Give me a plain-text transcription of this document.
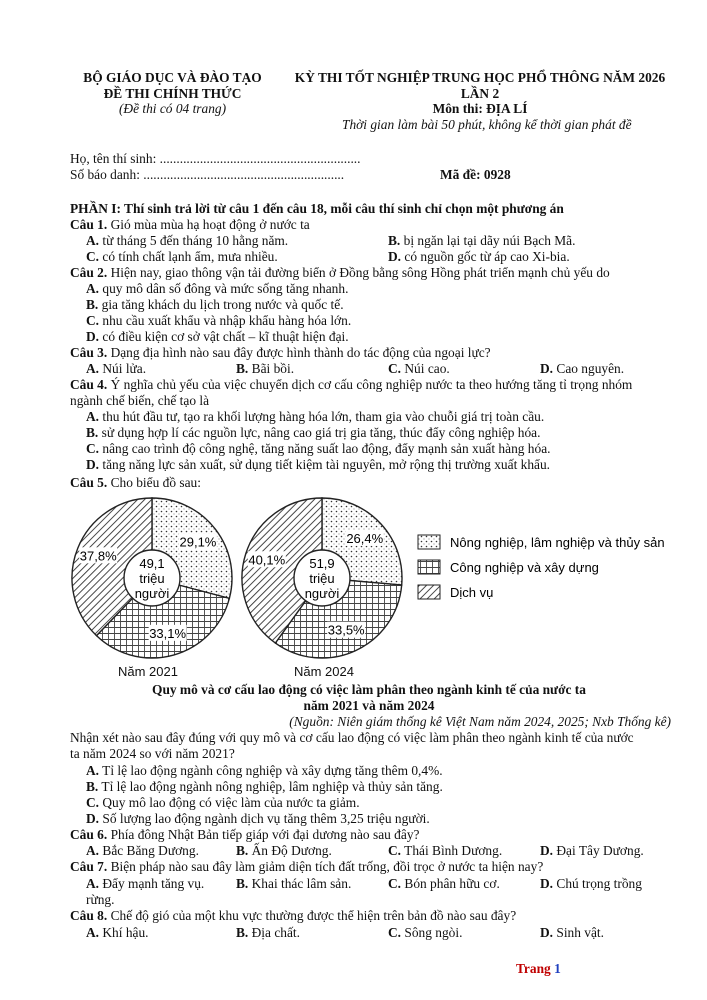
BỘ GIÁO DỤC VÀ ĐÀO TẠO
ĐỀ THI CHÍNH THỨC
(Đề thi có 04 trang)
KỲ THI TỐT NGHIỆP TRUNG HỌC PHỔ THÔNG NĂM 2026
LẦN 2
Môn thi: ĐỊA LÍ
Thời gian làm bài 50 phút, không kể thời gian phát đề
Họ, tên thí sinh: ............................................................
Số báo danh: ............................................................	Mã đề: 0928
PHẦN I: Thí sinh trả lời từ câu 1 đến câu 18, mỗi câu thí sinh chỉ chọn một phương án
Câu 1. Gió mùa mùa hạ hoạt động ở nước ta
A. từ tháng 5 đến tháng 10 hằng năm.	B. bị ngăn lại tại dãy núi Bạch Mã.
C. có tính chất lạnh ẩm, mưa nhiều.	D. có nguồn gốc từ áp cao Xi-bia.
Câu 2. Hiện nay, giao thông vận tải đường biển ở Đồng bằng sông Hồng phát triển mạnh chủ yếu do
A. quy mô dân số đông và mức sống tăng nhanh.
B. gia tăng khách du lịch trong nước và quốc tế.
C. nhu cầu xuất khẩu và nhập khẩu hàng hóa lớn.
D. có điều kiện cơ sở vật chất – kĩ thuật hiện đại.
Câu 3. Dạng địa hình nào sau đây được hình thành do tác động của ngoại lực?
A. Núi lửa.	B. Bãi bồi.	C. Núi cao.	D. Cao nguyên.
Câu 4. Ý nghĩa chủ yếu của việc chuyển dịch cơ cấu công nghiệp nước ta theo hướng tăng tỉ trọng nhóm
ngành chế biến, chế tạo là
A. thu hút đầu tư, tạo ra khối lượng hàng hóa lớn, tham gia vào chuỗi giá trị toàn cầu.
B. sử dụng hợp lí các nguồn lực, nâng cao giá trị gia tăng, thúc đẩy công nghiệp hóa.
C. nâng cao trình độ công nghệ, tăng năng suất lao động, đẩy mạnh sản xuất hàng hóa.
D. tăng năng lực sản xuất, sử dụng tiết kiệm tài nguyên, mở rộng thị trường xuất khẩu.
Câu 5. Cho biểu đồ sau:
29,1%
33,1%
37,8%
49,1
triệu
người
26,4%
33,5%
40,1% 51,9
triệu
người
Nông nghiệp, lâm nghiệp và thủy sản
Công nghiệp và xây dựng
Dịch vụ
Năm 2021	Năm 2024
Quy mô và cơ cấu lao động có việc làm phân theo ngành kinh tế của nước ta
năm 2021 và năm 2024
(Nguồn: Niên giám thống kê Việt Nam năm 2024, 2025; Nxb Thống kê)
Nhận xét nào sau đây đúng với quy mô và cơ cấu lao động có việc làm phân theo ngành kinh tế của nước
ta năm 2024 so với năm 2021?
A. Tỉ lệ lao động ngành công nghiệp và xây dựng tăng thêm 0,4%.
B. Tỉ lệ lao động ngành nông nghiệp, lâm nghiệp và thủy sản tăng.
C. Quy mô lao động có việc làm của nước ta giảm.
D. Số lượng lao động ngành dịch vụ tăng thêm 3,25 triệu người.
Câu 6. Phía đông Nhật Bản tiếp giáp với đại dương nào sau đây?
A. Bắc Băng Dương.	B. Ấn Độ Dương.	C. Thái Bình Dương.	D. Đại Tây Dương.
Câu 7. Biện pháp nào sau đây làm giảm diện tích đất trống, đồi trọc ở nước ta hiện nay?
A. Đẩy mạnh tăng vụ. B. Khai thác lâm sản.	C. Bón phân hữu cơ.	D. Chú trọng trồng
rừng.
Câu 8. Chế độ gió của một khu vực thường được thể hiện trên bản đồ nào sau đây?
A. Khí hậu.	B. Địa chất.	C. Sông ngòi.	D. Sinh vật.
Trang 1
